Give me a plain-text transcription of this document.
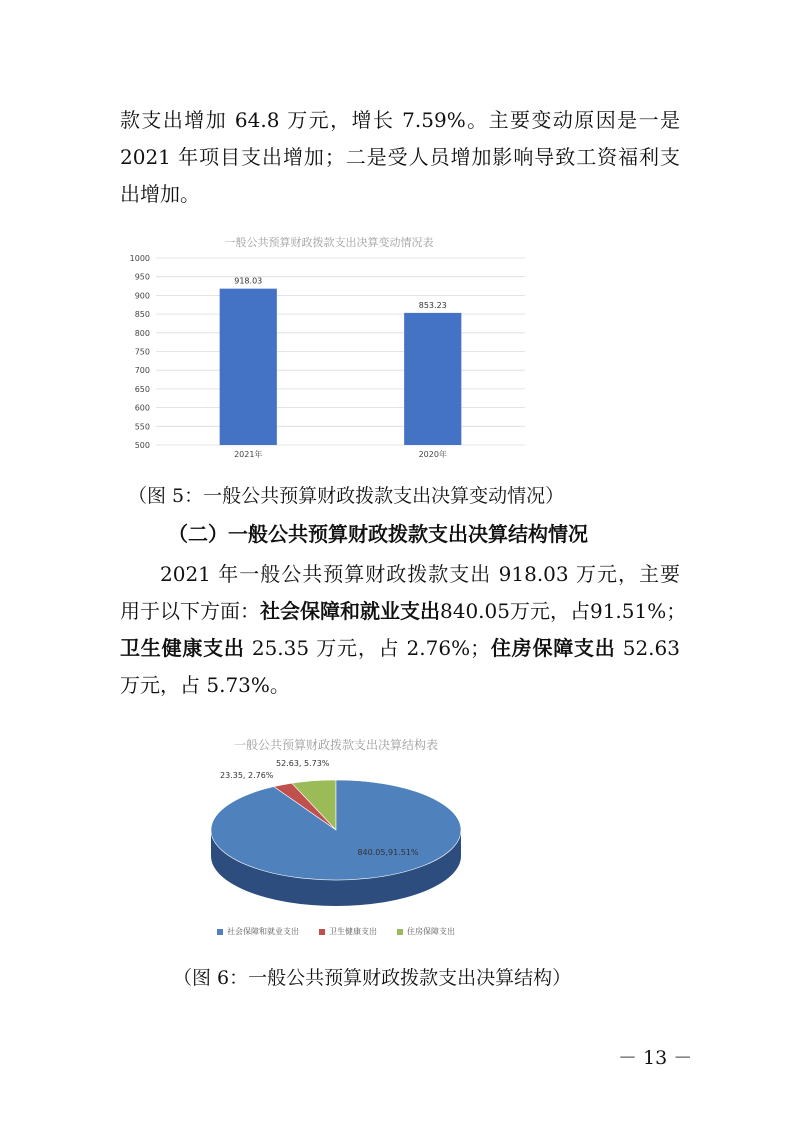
款支出增加 64.8 万元，增长 7.59%。主要变动原因是一是
2021 年项目支出增加；二是受人员增加影响导致工资福利支
出增加。
一般公共预算财政拨款支出决算变动情况表
500
550
600
650
700
750
800
850
900
950
1000
918.03
2021年
853.23
2020年
（图 5：一般公共预算财政拨款支出决算变动情况）
（二）一般公共预算财政拨款支出决算结构情况
2021 年一般公共预算财政拨款支出 918.03 万元，主要
用于以下方面：社会保障和就业支出840.05万元，占91.51%；
卫生健康支出 25.35 万元，占 2.76%；住房保障支出 52.63
万元，占 5.73%。
一般公共预算财政拨款支出决算结构表
840.05,91.51%
23.35, 2.76%
52.63, 5.73%
社会保障和就业支出	卫生健康支出	住房保障支出
（图 6：一般公共预算财政拨款支出决算结构）
－ 13 －
